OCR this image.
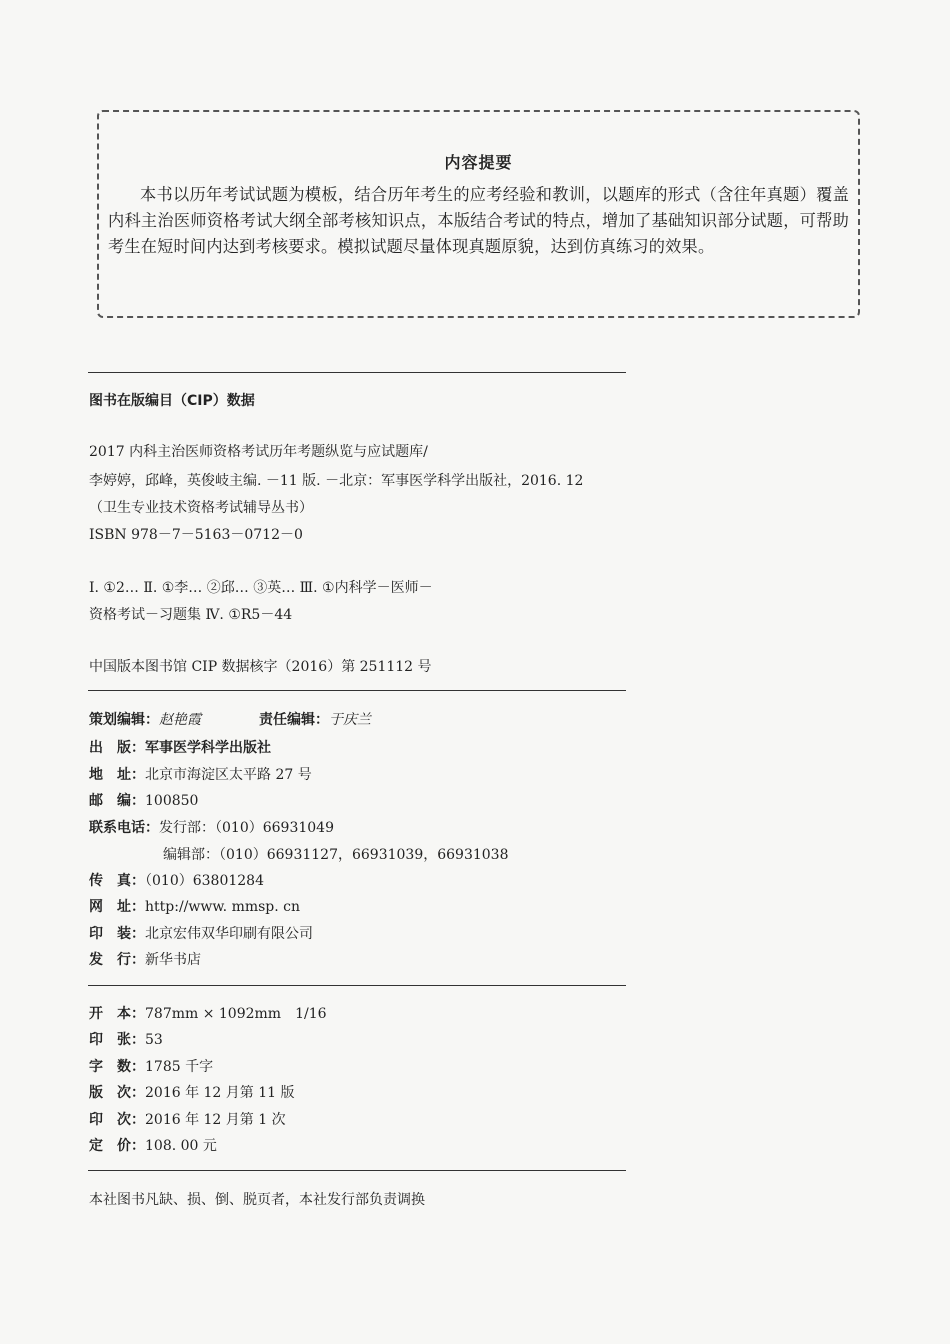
内容提要
本书以历年考试试题为模板，结合历年考生的应考经验和教训，以题库的形式（含往年真题）覆盖内科主治医师资格考试大纲全部考核知识点，本版结合考试的特点，增加了基础知识部分试题，可帮助考生在短时间内达到考核要求。模拟试题尽量体现真题原貌，达到仿真练习的效果。
图书在版编目（CIP）数据
2017 内科主治医师资格考试历年考题纵览与应试题库/
李婷婷，邱峰，英俊岐主编. －11 版. －北京：军事医学科学出版社，2016. 12
（卫生专业技术资格考试辅导丛书）
ISBN 978－7－5163－0712－0
Ⅰ. ①2… Ⅱ. ①李… ②邱… ③英… Ⅲ. ①内科学－医师－
资格考试－习题集 Ⅳ. ①R5－44
中国版本图书馆 CIP 数据核字（2016）第 251112 号
策划编辑：赵艳霞	责任编辑：于庆兰
出　版：军事医学科学出版社
地　址：北京市海淀区太平路 27 号
邮　编：100850
联系电话：发行部：（010）66931049
编辑部：（010）66931127，66931039，66931038
传　真：（010）63801284
网　址：http://www. mmsp. cn
印　装：北京宏伟双华印刷有限公司
发　行：新华书店
开　本：787mm × 1092mm　1/16
印　张：53
字　数：1785 千字
版　次：2016 年 12 月第 11 版
印　次：2016 年 12 月第 1 次
定　价：108. 00 元
本社图书凡缺、损、倒、脱页者，本社发行部负责调换
